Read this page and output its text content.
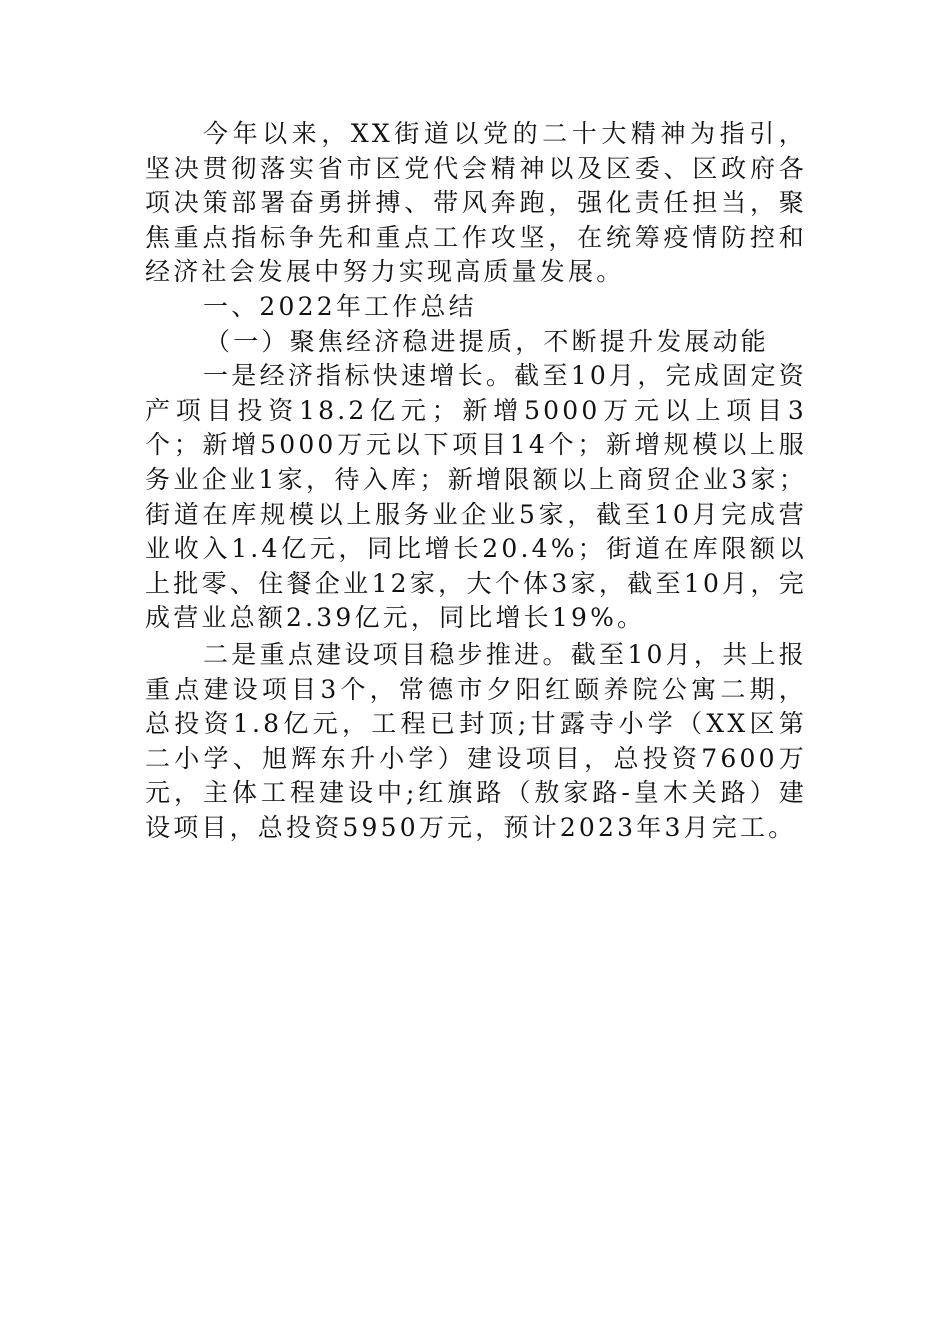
今年以来，XX街道以党的二十大精神为指引，坚决贯彻落实省市区党代会精神以及区委、区政府各项决策部署奋勇拼搏、带风奔跑，强化责任担当，聚焦重点指标争先和重点工作攻坚，在统筹疫情防控和经济社会发展中努力实现高质量发展。

一、2022年工作总结

（一）聚焦经济稳进提质，不断提升发展动能

一是经济指标快速增长。截至10月，完成固定资产项目投资18.2亿元；新增5000万元以上项目3个；新增5000万元以下项目14个；新增规模以上服务业企业1家，待入库；新增限额以上商贸企业3家；街道在库规模以上服务业企业5家，截至10月完成营业收入1.4亿元，同比增长20.4%；街道在库限额以上批零、住餐企业12家，大个体3家，截至10月，完成营业总额2.39亿元，同比增长19%。

二是重点建设项目稳步推进。截至10月，共上报重点建设项目3个，常德市夕阳红颐养院公寓二期，总投资1.8亿元，工程已封顶;甘露寺小学（XX区第二小学、旭辉东升小学）建设项目，总投资7600万元，主体工程建设中;红旗路（敖家路-皇木关路）建设项目，总投资5950万元，预计2023年3月完工。
